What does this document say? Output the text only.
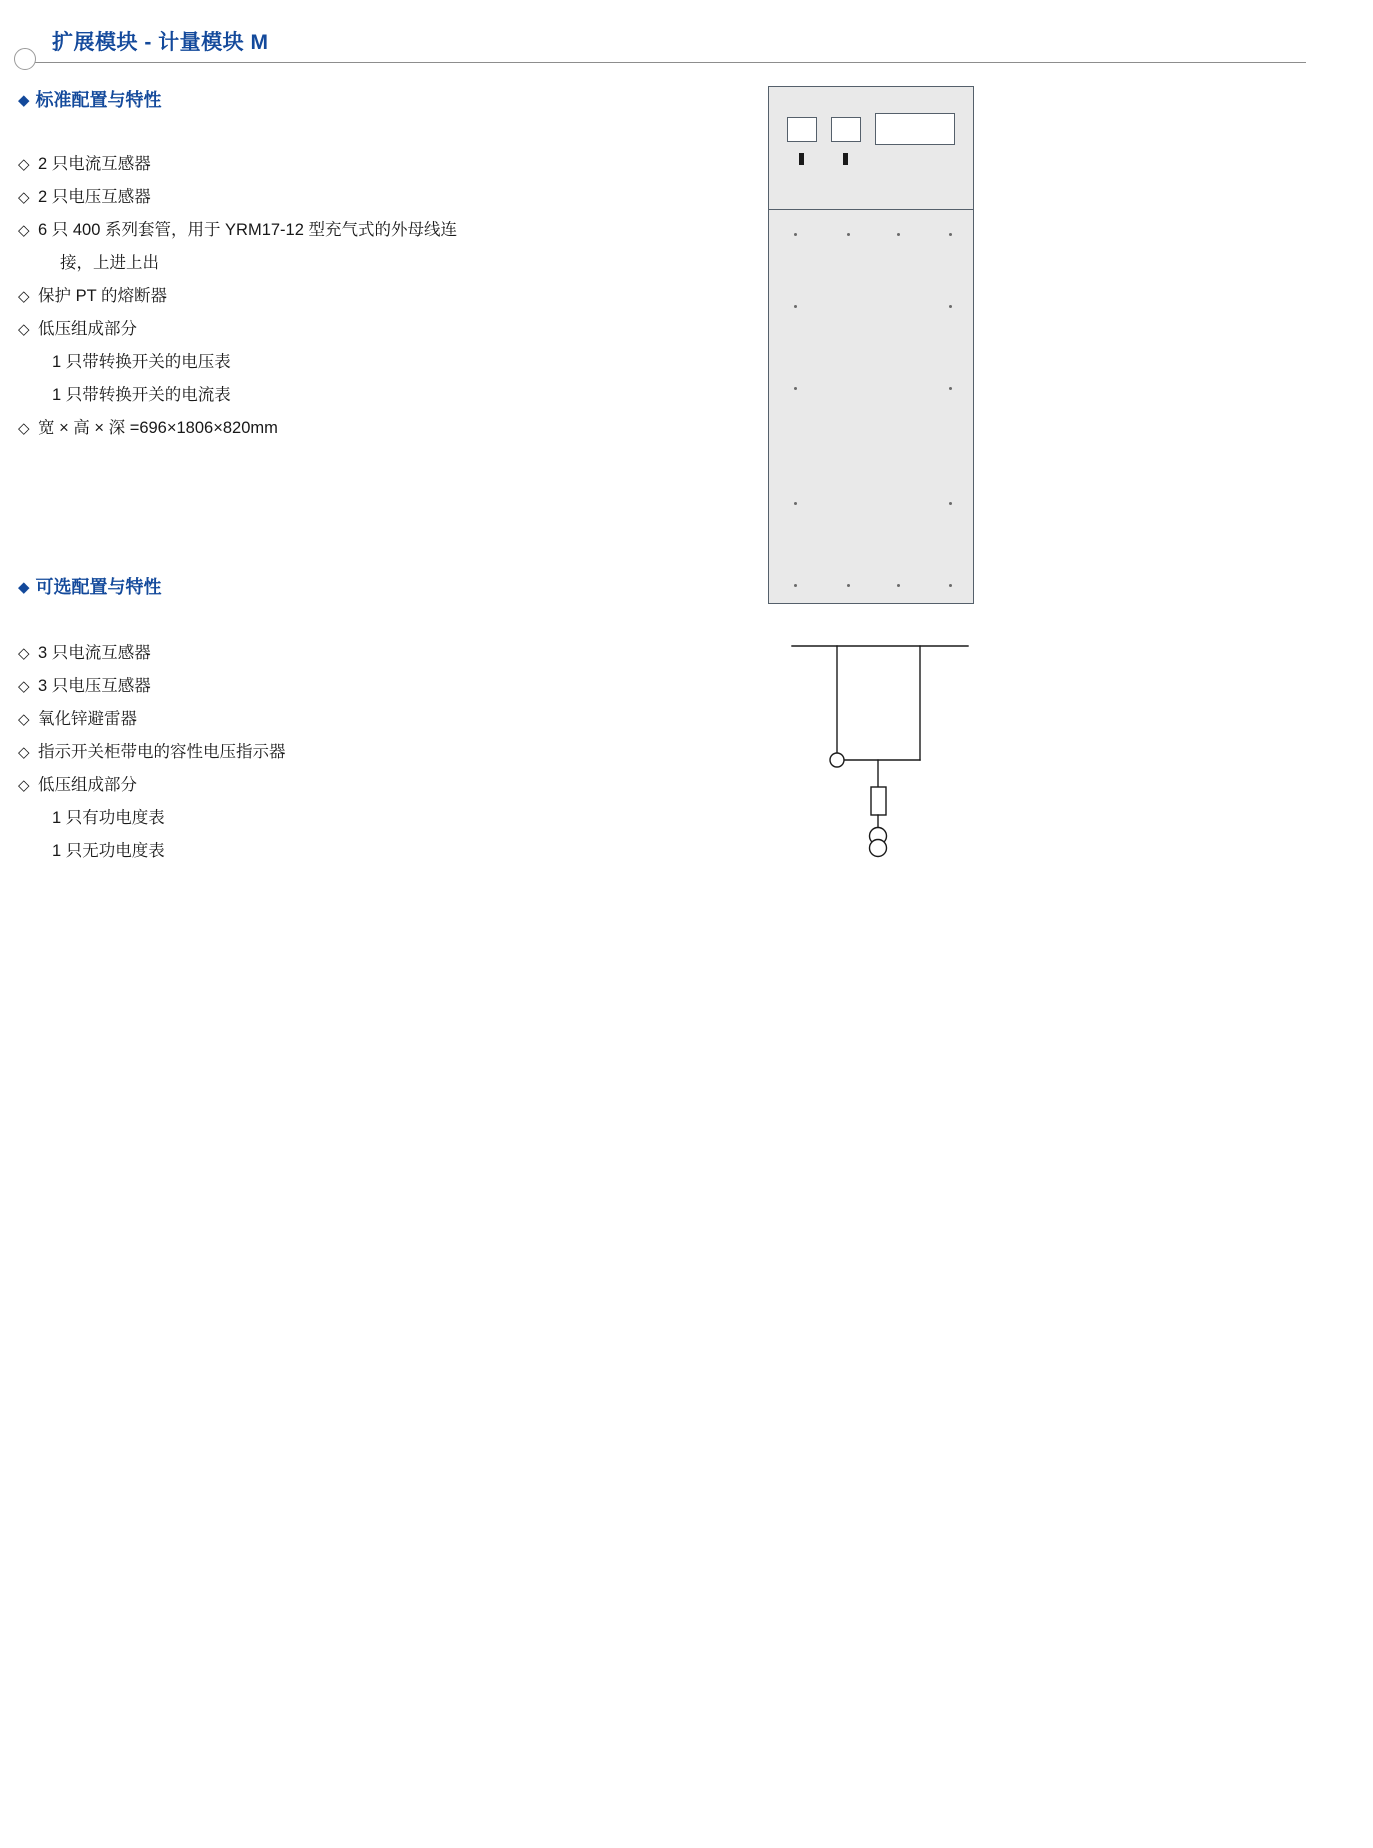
扩展模块 - 计量模块 M
◆ 标准配置与特性
◇ 2 只电流互感器
◇ 2 只电压互感器
◇ 6 只 400 系列套管，用于 YRM17-12 型充气式的外母线连
接，上进上出
◇ 保护 PT 的熔断器
◇ 低压组成部分
1 只带转换开关的电压表
1 只带转换开关的电流表
◇ 宽 × 高 × 深 =696×1806×820mm
◆ 可选配置与特性
◇ 3 只电流互感器
◇ 3 只电压互感器
◇ 氧化锌避雷器
◇ 指示开关柜带电的容性电压指示器
◇ 低压组成部分
1 只有功电度表
1 只无功电度表
